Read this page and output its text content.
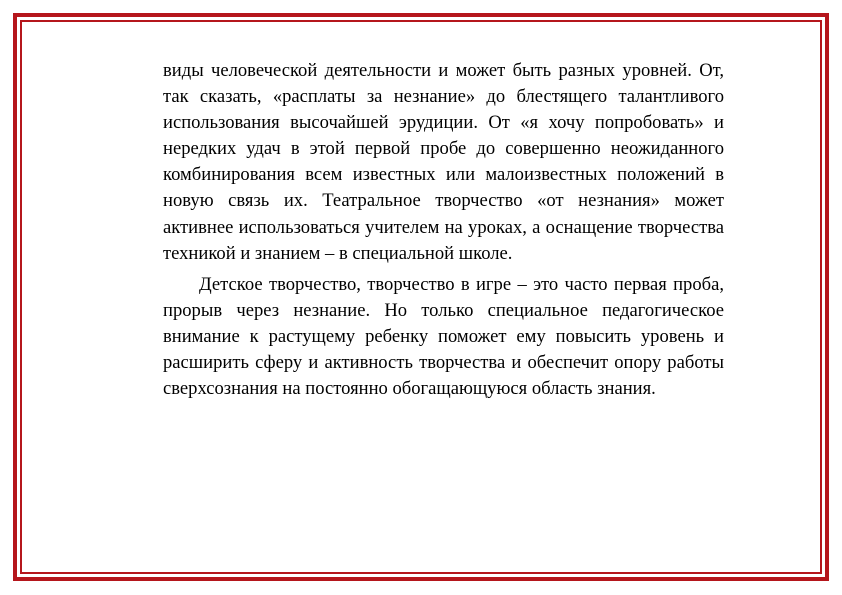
виды человеческой деятельности и может быть разных уровней. От, так сказать, «расплаты за незнание» до блестящего талантливого использования высочайшей эрудиции. От «я хочу попробовать» и нередких удач в этой первой пробе до совершенно неожиданного комбинирования всем известных или малоизвестных положений в новую связь их. Театральное творчество «от незнания» может активнее использоваться учителем на уроках, а оснащение творчества техникой и знанием – в специальной школе.

Детское творчество, творчество в игре – это часто первая проба, прорыв через незнание. Но только специальное педагогическое внимание к растущему ребенку поможет ему повысить уровень и расширить сферу и активность творчества и обеспечит опору работы сверхсознания на постоянно обогащающуюся область знания.
